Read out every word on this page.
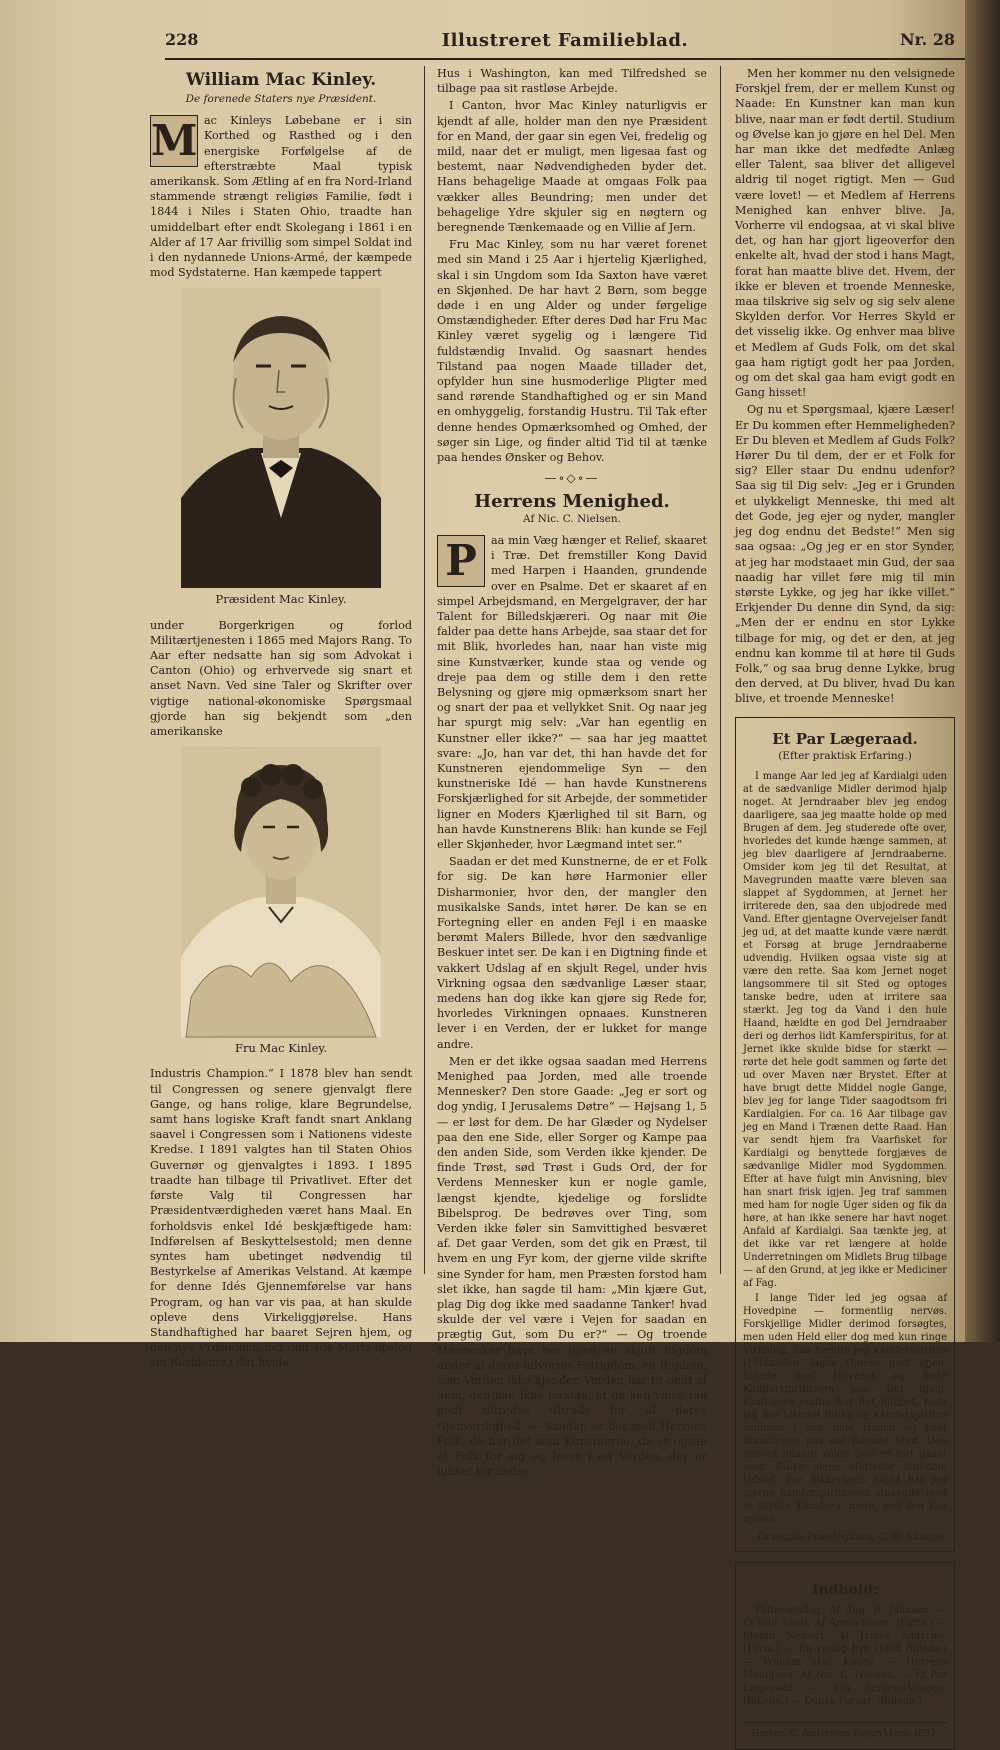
228	Illustreret Familieblad.	Nr. 28
William Mac Kinley.
De forenede Staters nye Præsident.

M ac Kinleys Løbebane er i sin Korthed og Rasthed og i den energiske Forfølgelse af de efterstræbte Maal typisk amerikansk. Som Ætling af en fra Nord-Irland stammende strængt religiøs Familie, født i 1844 i Niles i Staten Ohio, traadte han umiddelbart efter endt Skolegang i 1861 i en Alder af 17 Aar frivillig som simpel Soldat ind i den nydannede Unions-Armé, der kæmpede mod Sydstaterne. Han kæmpede tappert

Præsident Mac Kinley.

under Borgerkrigen og forlod Militærtjenesten i 1865 med Majors Rang. To Aar efter nedsatte han sig som Advokat i Canton (Ohio) og erhvervede sig snart et anset Navn. Ved sine Taler og Skrifter over vigtige national-økonomiske Spørgsmaal gjorde han sig bekjendt som „den amerikanske

Fru Mac Kinley.

Industris Champion.“ I 1878 blev han sendt til Congressen og senere gjenvalgt flere Gange, og hans rolige, klare Begrundelse, samt hans logiske Kraft fandt snart Anklang saavel i Congressen som i Nationens videste Kredse. I 1891 valgtes han til Staten Ohios Guvernør og gjenvalgtes i 1893. I 1895 traadte han tilbage til Privatlivet. Efter det første Valg til Congressen har Præsidentværdigheden været hans Maal. En forholdsvis enkel Idé beskjæftigede ham: Indførelsen af Beskyttelsestold; men denne syntes ham ubetinget nødvendig til Bestyrkelse af Amerikas Velstand. At kæmpe for denne Idés Gjennemførelse var hans Program, og han var vis paa, at han skulde opleve dens Virkeliggjørelse. Hans Standhaftighed har baaret Sejren hjem, og den nye Præsident, der den 4de Marts opslog sin Residents i det hvide

Hus i Washington, kan med Tilfredshed se tilbage paa sit rastløse Arbejde.

I Canton, hvor Mac Kinley naturligvis er kjendt af alle, holder man den nye Præsident for en Mand, der gaar sin egen Vei, fredelig og mild, naar det er muligt, men ligesaa fast og bestemt, naar Nødvendigheden byder det. Hans behagelige Maade at omgaas Folk paa vækker alles Beundring; men under det behagelige Ydre skjuler sig en nøgtern og beregnende Tænkemaade og en Villie af Jern.

Fru Mac Kinley, som nu har været forenet med sin Mand i 25 Aar i hjertelig Kjærlighed, skal i sin Ungdom som Ida Saxton have været en Skjønhed. De har havt 2 Børn, som begge døde i en ung Alder og under førgelige Omstændigheder. Efter deres Død har Fru Mac Kinley været sygelig og i længere Tid fuldstændig Invalid. Og saasnart hendes Tilstand paa nogen Maade tillader det, opfylder hun sine husmoderlige Pligter med sand rørende Standhaftighed og er sin Mand en omhyggelig, forstandig Hustru. Til Tak efter denne hendes Opmærksomhed og Omhed, der søger sin Lige, og finder altid Tid til at tænke paa hendes Ønsker og Behov.

—∘◇∘—
Herrens Menighed.
Af Nic. C. Nielsen.

P	aa min Væg hænger et Relief, skaaret i Træ. Det fremstiller Kong David med Harpen i Haanden, grundende over en Psalme. Det er skaaret af en simpel Arbejdsmand, en Mergelgraver, der har Talent for Billedskjæreri. Og naar mit Øie falder paa dette hans Arbejde, saa staar det for mit Blik, hvorledes han, naar han viste mig sine Kunstværker, kunde staa og vende og dreje paa dem og stille dem i den rette Belysning og gjøre mig opmærksom snart her og snart der paa et vellykket Snit. Og naar jeg har spurgt mig selv: „Var han egentlig en Kunstner eller ikke?“ — saa har jeg maattet svare: „Jo, han var det, thi han havde det for Kunstneren ejendommelige Syn — den kunstneriske Idé — han havde Kunstnerens Forskjærlighed for sit Arbejde, der sommetider ligner en Moders Kjærlighed til sit Barn, og han havde Kunstnerens Blik: han kunde se Fejl eller Skjønheder, hvor Lægmand intet ser.“

Saadan er det med Kunstnerne, de er et Folk for sig. De kan høre Harmonier eller Disharmonier, hvor den, der mangler den musikalske Sands, intet hører. De kan se en Fortegning eller en anden Fejl i en maaske berømt Malers Billede, hvor den sædvanlige Beskuer intet ser. De kan i en Digtning finde et vakkert Udslag af en skjult Regel, under hvis Virkning ogsaa den sædvanlige Læser staar, medens han dog ikke kan gjøre sig Rede for, hvorledes Virkningen opnaaes. Kunstneren lever i en Verden, der er lukket for mange andre.

Men er det ikke ogsaa saadan med Herrens Menighed paa Jorden, med alle troende Mennesker? Den store Gaade: „Jeg er sort og dog yndig, I Jerusalems Døtre“ — Højsang 1, 5 — er løst for dem. De har Glæder og Nydelser paa den ene Side, eller Sorger og Kampe paa den anden Side, som Verden ikke kjender. De finde Trøst, sød Trøst i Guds Ord, der for Verdens Mennesker kun er nogle gamle, længst kjendte, kjedelige og forslidte Bibelsprog. De bedrøves over Ting, som Verden ikke føler sin Samvittighed besværet af. Det gaar Verden, som det gik en Præst, til hvem en ung Fyr kom, der gjerne vilde skrifte sine Synder for ham, men Præsten forstod ham slet ikke, han sagde til ham: „Min kjære Gut, plag Dig dog ikke med saadanne Tanker! hvad skulde der vel være i Vejen for saadan en prægtig Gut, som Du er?“ — Og troende Mennesker have her igjen en skjult Rigdom under al deres udvortes Fattigdom, en Rigdom, som Verden ikke kjender. Verden har tit ondt af dem, den kan ikke forstaa, at de kan være saa godt tilfredse tiltrods for al deres Gjenvordighed. — Saadan er det med Herrens Folk, de har det som Kunstnerne, de er ogsaa et Folk for sig og lever i en Verden, der er lukket for andre.

Men her kommer nu den velsignede Forskjel frem, der er mellem Kunst og Naade: En Kunstner kan man kun blive, naar man er født dertil. Studium og Øvelse kan jo gjøre en hel Del. Men har man ikke det medfødte Anlæg eller Talent, saa bliver det alligevel aldrig til noget rigtigt. Men — Gud være lovet! — et Medlem af Herrens Menighed kan enhver blive. Ja, Vorherre vil endogsaa, at vi skal blive det, og han har gjort ligeoverfor den enkelte alt, hvad der stod i hans Magt, forat han maatte blive det. Hvem, der ikke er bleven et troende Menneske, maa tilskrive sig selv og sig selv alene Skylden derfor. Vor Herres Skyld er det visselig ikke. Og enhver maa blive et Medlem af Guds Folk, om det skal gaa ham rigtigt godt her paa Jorden, og om det skal gaa ham evigt godt en Gang hisset!

Og nu et Spørgsmaal, kjære Læser! Er Du kommen efter Hemmeligheden? Er Du bleven et Medlem af Guds Folk? Hører Du til dem, der er et Folk for sig? Eller staar Du endnu udenfor? Saa sig til Dig selv: „Jeg er i Grunden et ulykkeligt Menneske, thi med alt det Gode, jeg ejer og nyder, mangler jeg dog endnu det Bedste!“ Men sig saa ogsaa: „Og jeg er en stor Synder, at jeg har modstaaet min Gud, der saa naadig har villet føre mig til min største Lykke, og jeg har ikke villet.“ Erkjender Du denne din Synd, da sig: „Men der er endnu en stor Lykke tilbage for mig, og det er den, at jeg endnu kan komme til at høre til Guds Folk,“ og saa brug denne Lykke, brug den derved, at Du bliver, hvad Du kan blive, et troende Menneske!

Et Par Lægeraad.
(Efter praktisk Erfaring.)

I mange Aar led jeg af Kardialgi uden at de sædvanlige Midler derimod hjalp noget. At Jerndraaber blev jeg endog daarligere, saa jeg maatte holde op med Brugen af dem. Jeg studerede ofte over, hvorledes det kunde hænge sammen, at jeg blev daarligere af Jerndraaberne. Omsider kom jeg til det Resultat, at Mavegrunden maatte være bleven saa slappet af Sygdommen, at Jernet her irriterede den, saa den ubjodrede med Vand. Efter gjentagne Overvejelser fandt jeg ud, at det maatte kunde være nærdt et Forsøg at bruge Jerndraaberne udvendig. Hvilken ogsaa viste sig at være den rette. Saa kom Jernet noget langsommere til sit Sted og optoges tanske bedre, uden at irritere saa stærkt. Jeg tog da Vand i den hule Haand, hældte en god Del Jerndraaber deri og derhos lidt Kamferspiritus, for at Jernet ikke skulde bidse for stærkt — rørte det hele godt sammen og førte det ud over Maven nær Brystet. Efter at have brugt dette Middel nogle Gange, blev jeg for lange Tider saagodtsom fri Kardialgien. For ca. 16 Aar tilbage gav jeg en Mand i Trænen dette Raad. Han var sendt hjem fra Vaarfisket for Kardialgi og benyttede forgjæves de sædvanlige Midler mod Sygdommen. Efter at have fulgt min Anvisning, blev han snart frisk igjen. Jeg traf sammen med ham for nogle Uger siden og fik da høre, at han ikke senere har havt noget Anfald af Kardialgi. Saa tænkte jeg, at det ikke var ret længere at holde Underretningen om Midlets Brug tilbage — af den Grund, at jeg ikke er Mediciner af Fag.

I lange Tider led jeg ogsaa af Hovedpine — formentlig nervøs. Forskjellige Midler derimod forsøgtes, men uden Held eller dog med kun ringe Virkning. Saa hældte jeg Kamferspiritus i Haanden, lagde Øjnene godt igjen, ludede med Hovedet og førte Kamferspiritussen paa. Det hjalp. Kraftigere endnu har det hjulpet, naar jeg har blandet Edike og Kamferspiritus sammen i den hule Haand og havt Blandingen paa det lidende Sted. Den derved iblandt volde Svie er fort gaaet over. Edike alene eferlader stundom Udslet. For Sikkerheds Skyld har jeg gjerne kamferspiritussen staaende med et Stykke Kamfer i, mere, end den kan opløse.

Orkedals Præstegaard. C. D. Skauge.
Indhold:

Palmesøndag. Af Aug. B. Jahnsen. — Et tabt Ideal. Af Annie Swan. (Forts.) — Stefen Nemort. Af James Adderley. (Forts.) — En venlig Fyr. (Med Billede.) — William Mac Kinley. — Herrens Menighed. Af Nic. C. Nielsen. — Et Par Lægeraad. — Fra Bergens-Vaagen. (Billede.) — Dansk Foraar. (Billede.)

Horten, C. Andersens Bogtrykkeri. 1897.
